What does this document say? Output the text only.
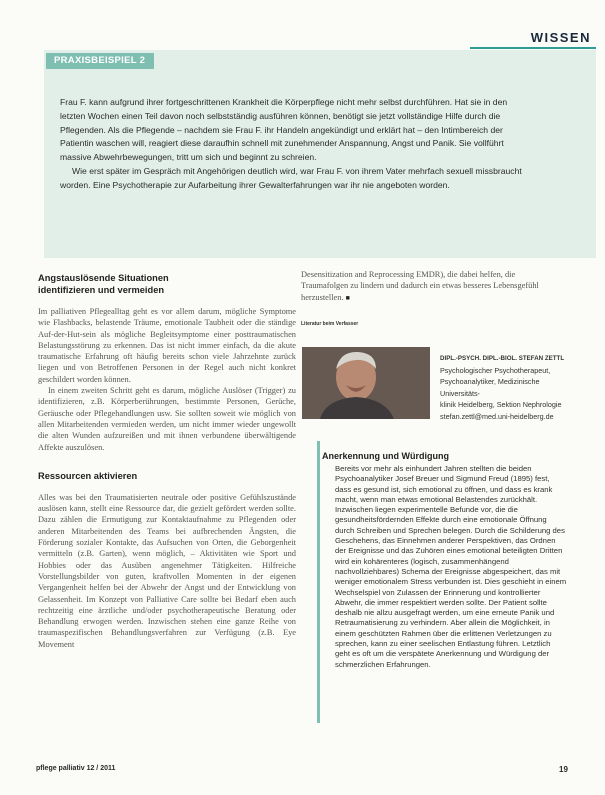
WISSEN
PRAXISBEISPIEL 2

Frau F. kann aufgrund ihrer fortgeschrittenen Krankheit die Körperpflege nicht mehr selbst durchführen. Hat sie in den letzten Wochen einen Teil davon noch selbstständig ausführen können, benötigt sie jetzt vollständige Hilfe durch die Pflegenden. Als die Pflegende – nachdem sie Frau F. ihr Handeln angekündigt und erklärt hat – den Intimbereich der Patientin waschen will, reagiert diese daraufhin schnell mit zunehmender Anspannung, Angst und Panik. Sie vollführt massive Abwehrbewegungen, tritt um sich und beginnt zu schreien.

Wie erst später im Gespräch mit Angehörigen deutlich wird, war Frau F. von ihrem Vater mehrfach sexuell missbraucht worden. Eine Psychotherapie zur Aufarbeitung ihrer Gewalterfahrungen war ihr nie angeboten worden.

Angstauslösende Situationen
identifizieren und vermeiden

Im palliativen Pflegealltag geht es vor allem darum, mögliche Symptome wie Flashbacks, belastende Träume, emotionale Taubheit oder die ständige Auf-der-Hut-sein als mögliche Begleitsymptome einer posttraumatischen Belastungsstörung zu erkennen. Das ist nicht immer einfach, da die akute traumatische Erfahrung oft häufig bereits schon viele Jahrzehnte zurück liegen und von Betroffenen Personen in der Regel auch nicht konkret geschildert worden können.

In einem zweiten Schritt geht es darum, mögliche Auslöser (Trigger) zu identifizieren, z.B. Körperberührungen, bestimmte Personen, Gerüche, Geräusche oder Pflegehandlungen usw. Sie sollten soweit wie möglich von allen Mitarbeitenden vermieden werden, um nicht immer wieder ungewollt die alten Wunden aufzureißen und mit ihnen verbundene überwältigende Affekte auszulösen.

Ressourcen aktivieren

Alles was bei den Traumatisierten neutrale oder positive Gefühlszustände auslösen kann, stellt eine Ressource dar, die gezielt gefördert werden sollte. Dazu zählen die Ermutigung zur Kontaktaufnahme zu Pflegenden oder anderen Mitarbeitenden des Teams bei aufbrechenden Ängsten, die Förderung sozialer Kontakte, das Aufsuchen von Orten, die Geborgenheit vermitteln (z.B. Garten), wenn möglich, – Aktivitäten wie Sport und Hobbies oder das Ausüben angenehmer Tätigkeiten. Hilfreiche Vorstellungsbilder von guten, kraftvollen Momenten in der eigenen Vergangenheit helfen bei der Abwehr der Angst und der Entwicklung von Gelassenheit. Im Konzept von Palliative Care sollte bei Bedarf eben auch rechtzeitig eine ärztliche und/oder psychotherapeutische Beratung oder Behandlung erwogen werden. Inzwischen stehen eine ganze Reihe von traumaspezifischen Behandlungsverfahren zur Verfügung (z.B. Eye Movement

Desensitization and Reprocessing EMDR), die dabei helfen, die Traumafolgen zu lindern und dadurch ein etwas besseres Lebensgefühl herzustellen. ■
Literatur beim Verfasser
DIPL.-PSYCH. DIPL.-BIOL. STEFAN ZETTL
Psychologischer Psychotherapeut,
Psychoanalytiker, Medizinische Universitäts-
klinik Heidelberg, Sektion Nephrologie
stefan.zettl@med.uni-heidelberg.de
Anerkennung und Würdigung
Bereits vor mehr als einhundert Jahren stellten die beiden Psychoanalytiker Josef Breuer und Sigmund Freud (1895) fest, dass es gesund ist, sich emotional zu öffnen, und dass es krank macht, wenn man etwas emotional Belastendes zurückhält. Inzwischen liegen experimentelle Befunde vor, die die gesundheitsfördernden Effekte durch eine emotionale Öffnung durch Schreiben und Sprechen belegen. Durch die Schilderung des Geschehens, das Einnehmen anderer Perspektiven, das Ordnen der Ereignisse und das Zuhören eines emotional beteiligten Dritten wird ein kohärenteres (logisch, zusammenhängend nachvollziehbares) Schema der Ereignisse abgespeichert, das mit weniger emotionalem Stress verbunden ist. Dies geschieht in einem Wechselspiel von Zulassen der Erinnerung und kontrollierter Abwehr, die immer respektiert werden sollte. Der Patient sollte deshalb nie allzu ausgefragt werden, um eine erneute Panik und Retraumatisierung zu verhindern. Aber allein die Möglichkeit, in einem geschützten Rahmen über die erlittenen Verletzungen zu sprechen, kann zu einer seelischen Entlastung führen. Letztlich geht es oft um die verspätete Anerkennung und Würdigung der schmerzlichen Erfahrungen.
pflege palliativ 12 / 2011	19
